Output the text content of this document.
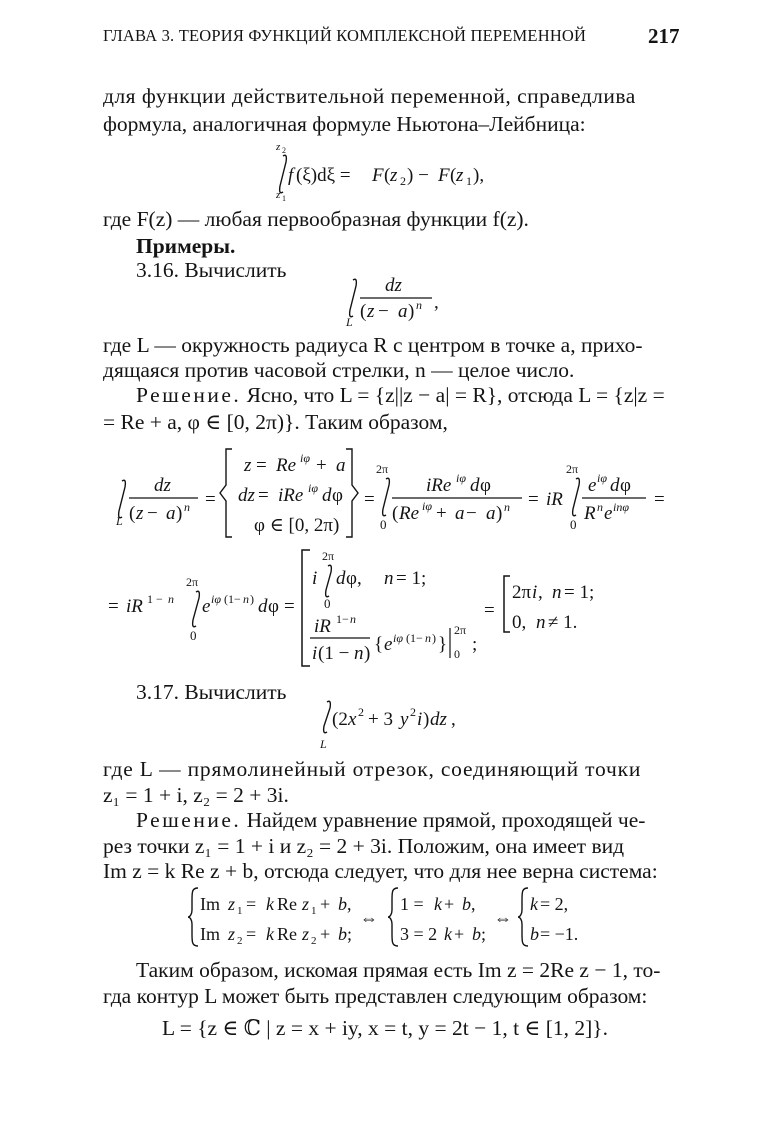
ГЛАВА 3. ТЕОРИЯ ФУНКЦИЙ КОМПЛЕКСНОЙ ПЕРЕМЕННОЙ	217
для функции действительной переменной, справедлива
формула, аналогичная формуле Ньютона–Лейбница:
z 2
z 1
f (ξ)dξ = F ( z 2 ) − F ( z 1 ),
где F(z) — любая первообразная функции f(z).
Примеры.
3.16. Вычислить
L
dz
( z − a ) n ,
где L — окружность радиуса R с центром в точке a, прихо-
дящаяся против часовой стрелки, n — целое число.
Решение. Ясно, что L = {z||z − a| = R}, отсюда L = {z|z =
= Re + a, φ ∈ [0, 2π)}. Таким образом,
L
dz
( z − a ) n =
z = Re iφ + a
dz = iRe iφ d φ
φ ∈ [0, 2π)
=
2π
0
iRe iφ d φ
( Re iφ + a − a ) n = iR
2π
0
e iφ d φ
R n e inφ =
= iR 1 − n
2π
0
e iφ (1− n ) d φ =
2π
i
0
d φ, n = 1;
iR 1− n
i (1 − n ) { e iφ (1− n ) }
2π
0 ;
=
2π i , n = 1;
0, n ≠ 1.
3.17. Вычислить
L
(2 x 2 + 3 y 2 i ) dz ,
где L — прямолинейный отрезок, соединяющий точки
z₁ = 1 + i, z₂ = 2 + 3i.
Решение. Найдем уравнение прямой, проходящей че-
рез точки z₁ = 1 + i и z₂ = 2 + 3i. Положим, она имеет вид
Im z = k Re z + b, отсюда следует, что для нее верна система:
Im z 1 = k Re z 1 + b ,
Im z 2 = k Re z 2 + b ;
⇔
1 = k + b ,
3 = 2 k + b ;
⇔
k = 2,
b = −1.
Таким образом, искомая прямая есть Im z = 2Re z − 1, то-
гда контур L может быть представлен следующим образом:
L = {z ∈ ℂ | z = x + iy, x = t, y = 2t − 1, t ∈ [1, 2]}.
